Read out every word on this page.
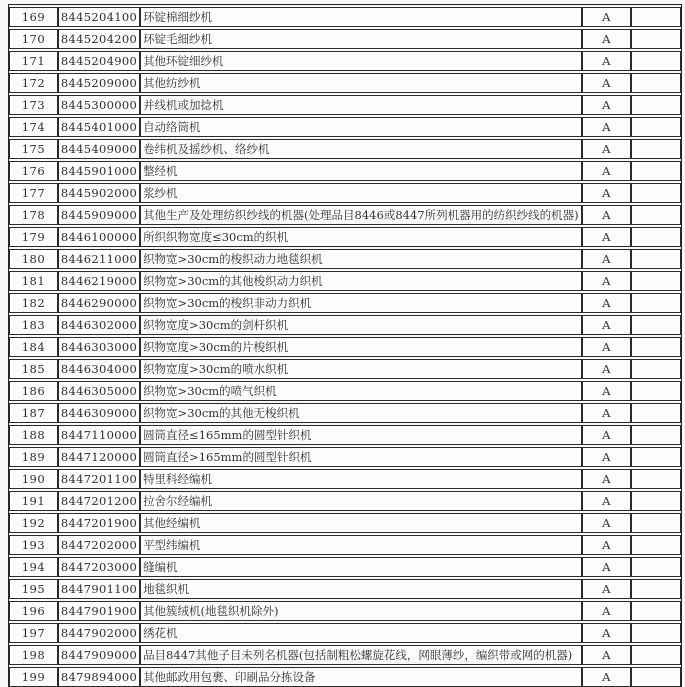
169	8445204100	环锭棉细纱机	A	
170	8445204200	环锭毛细纱机	A	
171	8445204900	其他环锭细纱机	A	
172	8445209000	其他纺纱机	A	
173	8445300000	并线机或加捻机	A	
174	8445401000	自动络筒机	A	
175	8445409000	卷纬机及摇纱机、络纱机	A	
176	8445901000	整经机	A	
177	8445902000	浆纱机	A	
178	8445909000	其他生产及处理纺织纱线的机器(处理品目8446或8447所列机器用的纺织纱线的机器)	A	
179	8446100000	所织织物宽度≤30cm的织机	A	
180	8446211000	织物宽>30cm的梭织动力地毯织机	A	
181	8446219000	织物宽>30cm的其他梭织动力织机	A	
182	8446290000	织物宽>30cm的梭织非动力织机	A	
183	8446302000	织物宽度>30cm的剑杆织机	A	
184	8446303000	织物宽度>30cm的片梭织机	A	
185	8446304000	织物宽度>30cm的喷水织机	A	
186	8446305000	织物宽>30cm的喷气织机	A	
187	8446309000	织物宽>30cm的其他无梭织机	A	
188	8447110000	圆筒直径≤165mm的圆型针织机	A	
189	8447120000	圆筒直径>165mm的圆型针织机	A	
190	8447201100	特里科经编机	A	
191	8447201200	拉舍尔经编机	A	
192	8447201900	其他经编机	A	
193	8447202000	平型纬编机	A	
194	8447203000	缝编机	A	
195	8447901100	地毯织机	A	
196	8447901900	其他簇绒机(地毯织机除外)	A	
197	8447902000	绣花机	A	
198	8447909000	品目8447其他子目未列名机器(包括制粗松螺旋花线，网眼薄纱，编织带或网的机器)	A	
199	8479894000	其他邮政用包裹、印刷品分拣设备	A	
